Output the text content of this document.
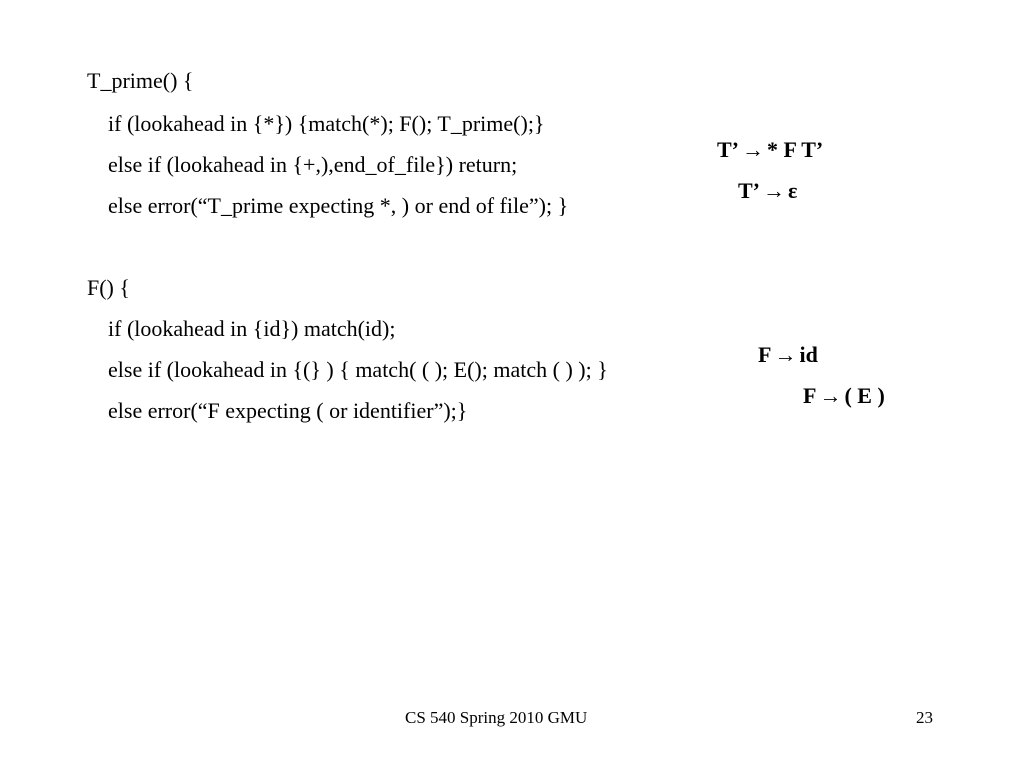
T_prime() {

if (lookahead in {*}) {match(*); F(); T_prime();}

T’ → * F T’

else if (lookahead in {+,),end_of_file}) return;

T’ → ε

else error(“T_prime expecting *, ) or end of file”); }

F() {

if (lookahead in {id}) match(id);

F → id

else if (lookahead in {(} ) { match( ( ); E(); match ( ) ); }

F → ( E )

else error(“F expecting ( or identifier”);}

CS 540 Spring 2010 GMU	23
